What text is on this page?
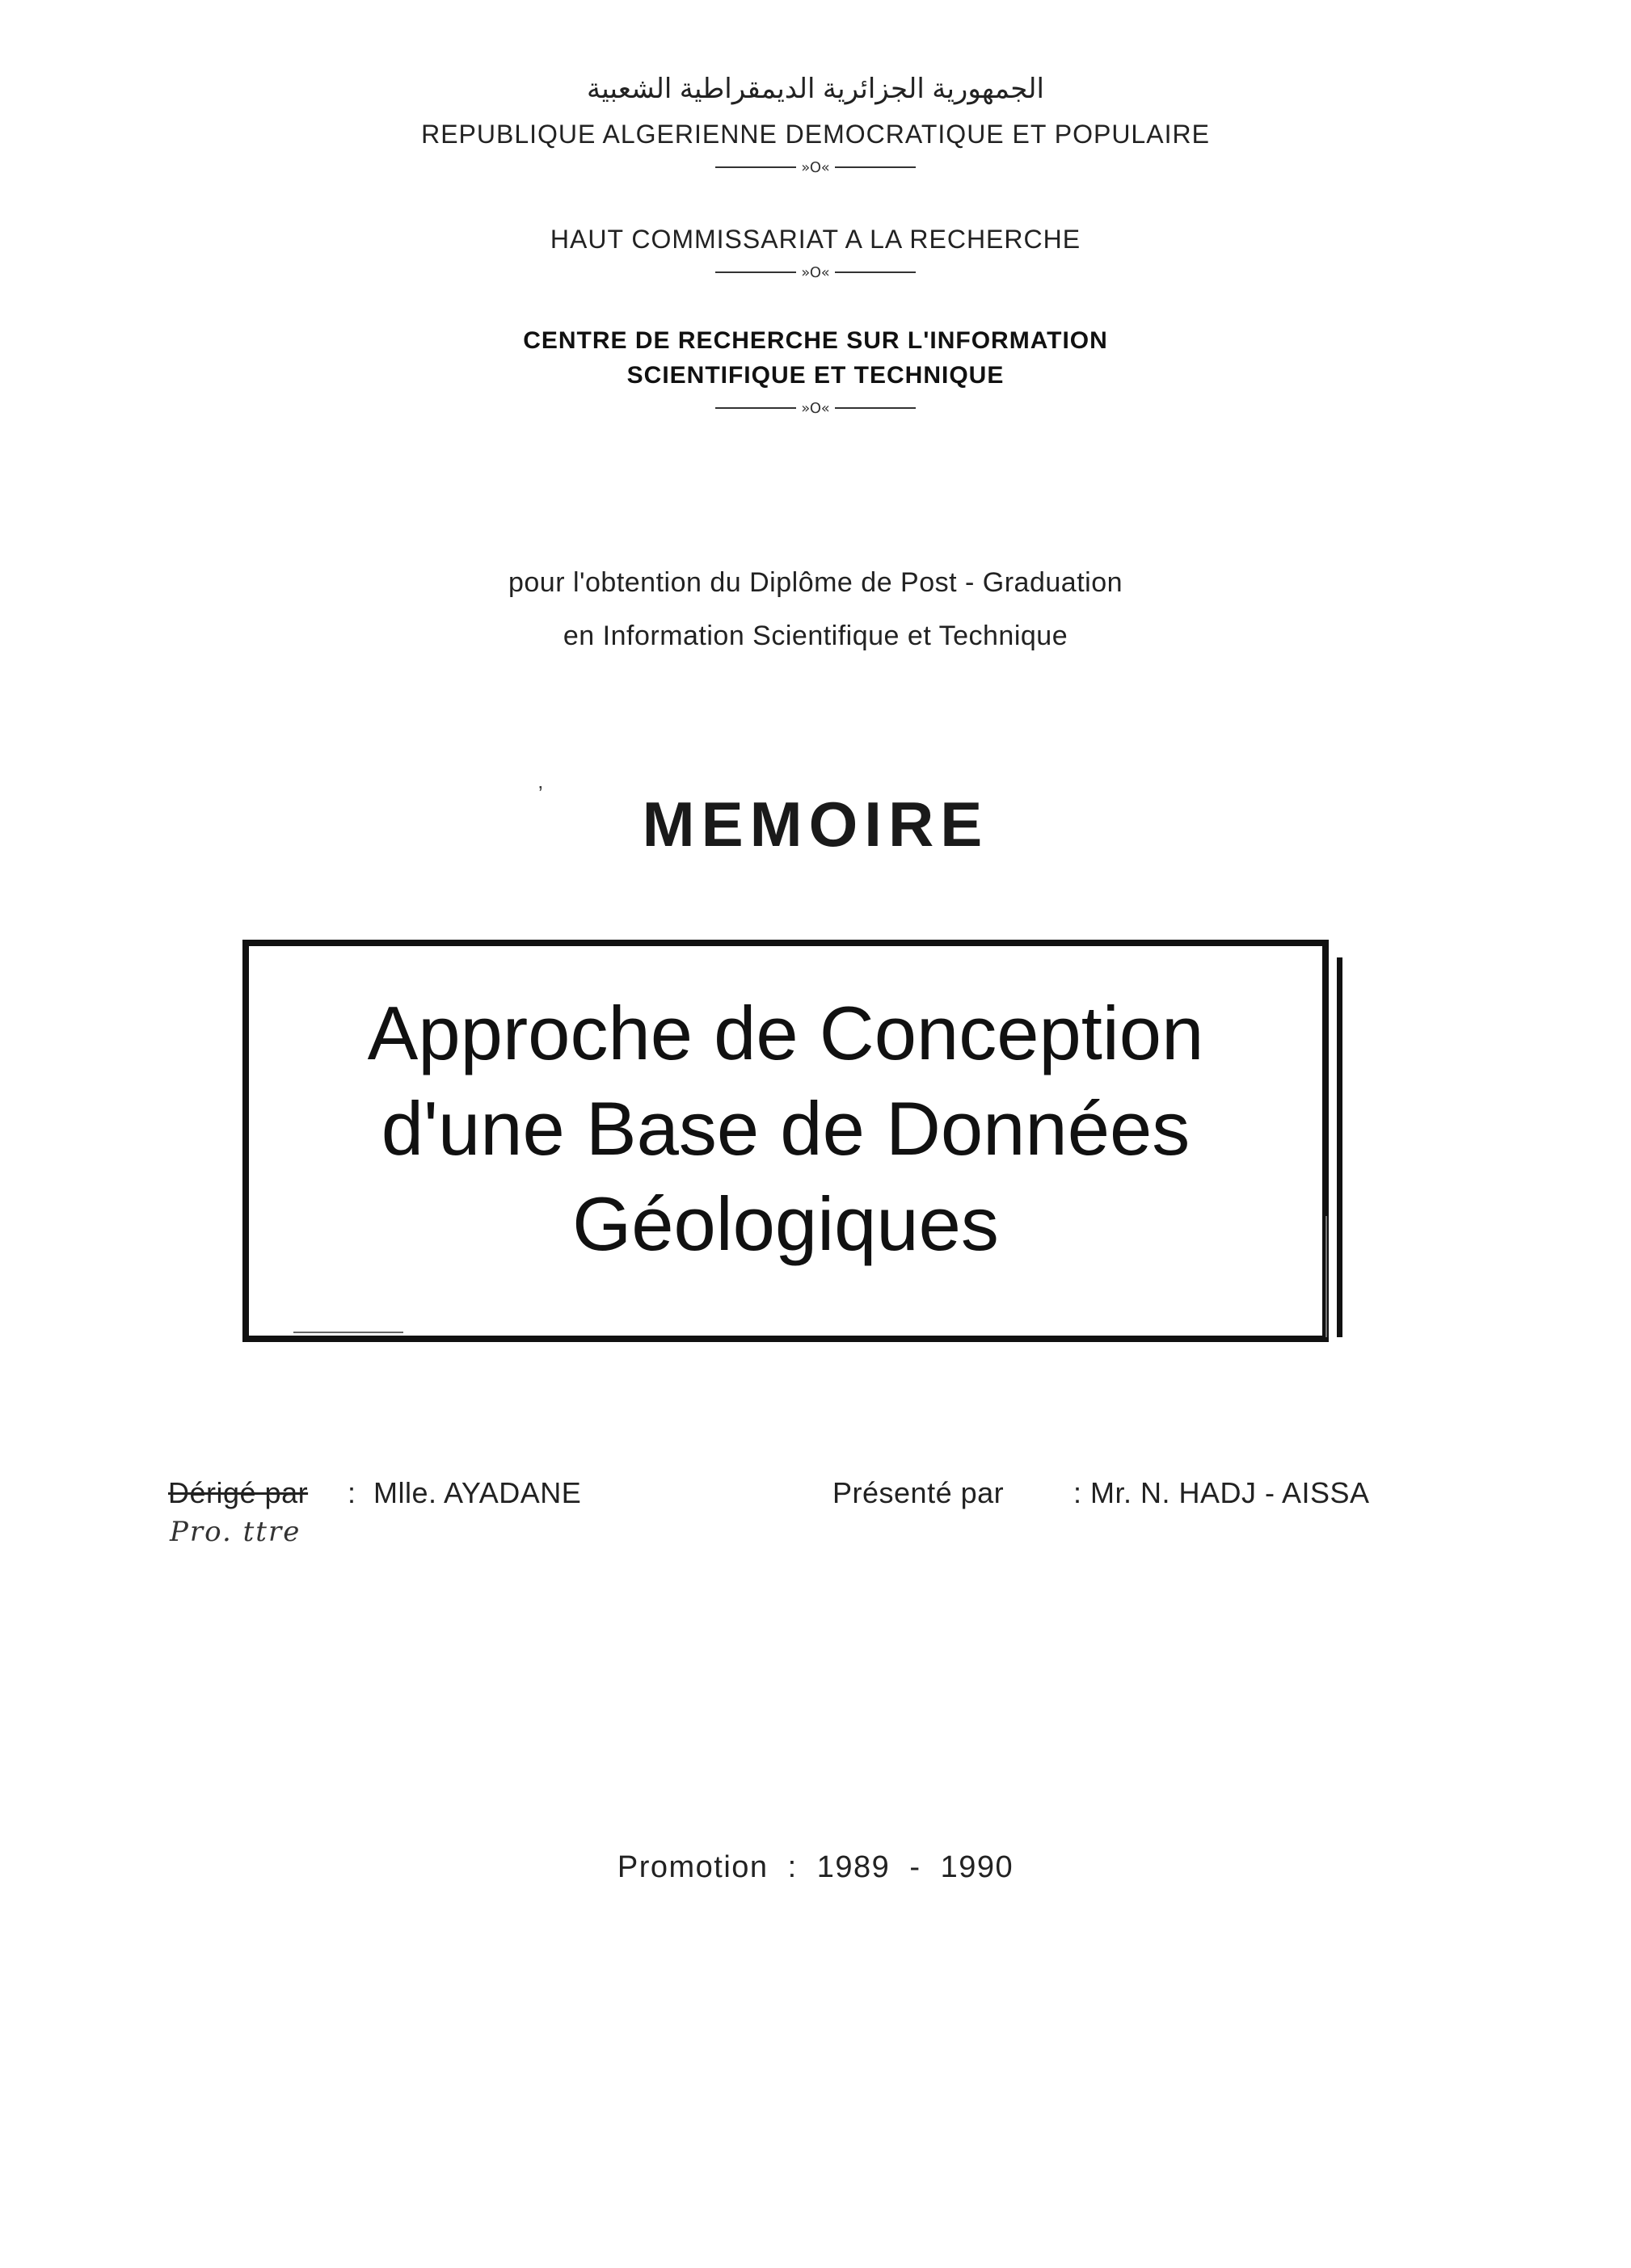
الجمهورية الجزائرية الديمقراطية الشعبية
REPUBLIQUE ALGERIENNE DEMOCRATIQUE ET POPULAIRE
»O«
HAUT COMMISSARIAT A LA RECHERCHE
»O«
CENTRE DE RECHERCHE SUR L'INFORMATION
SCIENTIFIQUE ET TECHNIQUE
»O«
pour l'obtention du Diplôme de Post - Graduation
en Information Scientifique et Technique
ʼ	MEMOIRE
Approche de Conception
d'une Base de Données
Géologiques
Dérigé par : Mlle. AYADANE
Pro. ttre
Présenté par : Mr. N. HADJ - AISSA
Promotion : 1989 - 1990
